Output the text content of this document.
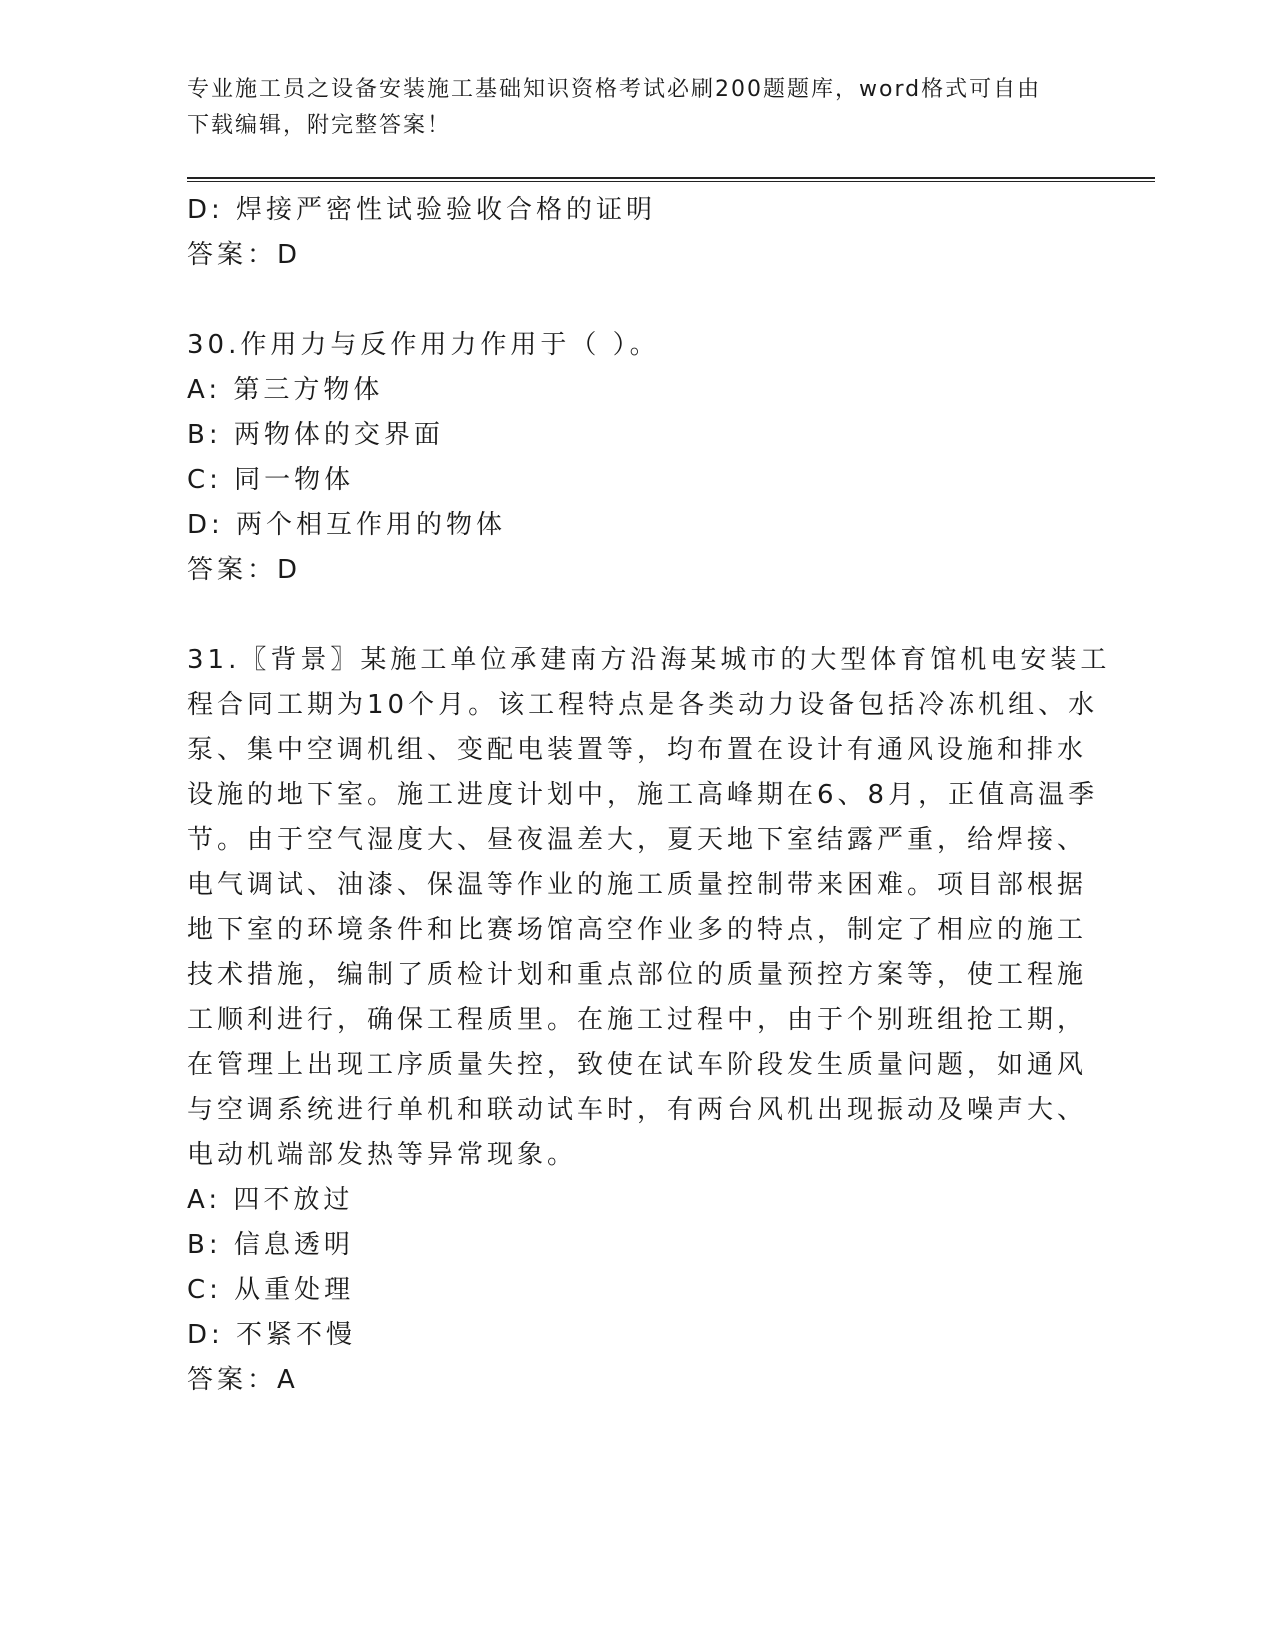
专业施工员之设备安装施工基础知识资格考试必刷200题题库，word格式可自由
下载编辑，附完整答案！
D: 焊接严密性试验验收合格的证明
答案：D
30.作用力与反作用力作用于（ ）。
A: 第三方物体
B: 两物体的交界面
C: 同一物体
D: 两个相互作用的物体
答案：D
31.〖背景〗某施工单位承建南方沿海某城市的大型体育馆机电安装工
程合同工期为10个月。该工程特点是各类动力设备包括冷冻机组、水
泵、集中空调机组、变配电装置等，均布置在设计有通风设施和排水
设施的地下室。施工进度计划中，施工高峰期在6、8月，正值高温季
节。由于空气湿度大、昼夜温差大，夏天地下室结露严重，给焊接、
电气调试、油漆、保温等作业的施工质量控制带来困难。项目部根据
地下室的环境条件和比赛场馆高空作业多的特点，制定了相应的施工
技术措施，编制了质检计划和重点部位的质量预控方案等，使工程施
工顺利进行，确保工程质里。在施工过程中，由于个别班组抢工期，
在管理上出现工序质量失控，致使在试车阶段发生质量问题，如通风
与空调系统进行单机和联动试车时，有两台风机出现振动及噪声大、
电动机端部发热等异常现象。
A: 四不放过
B: 信息透明
C: 从重处理
D: 不紧不慢
答案：A
